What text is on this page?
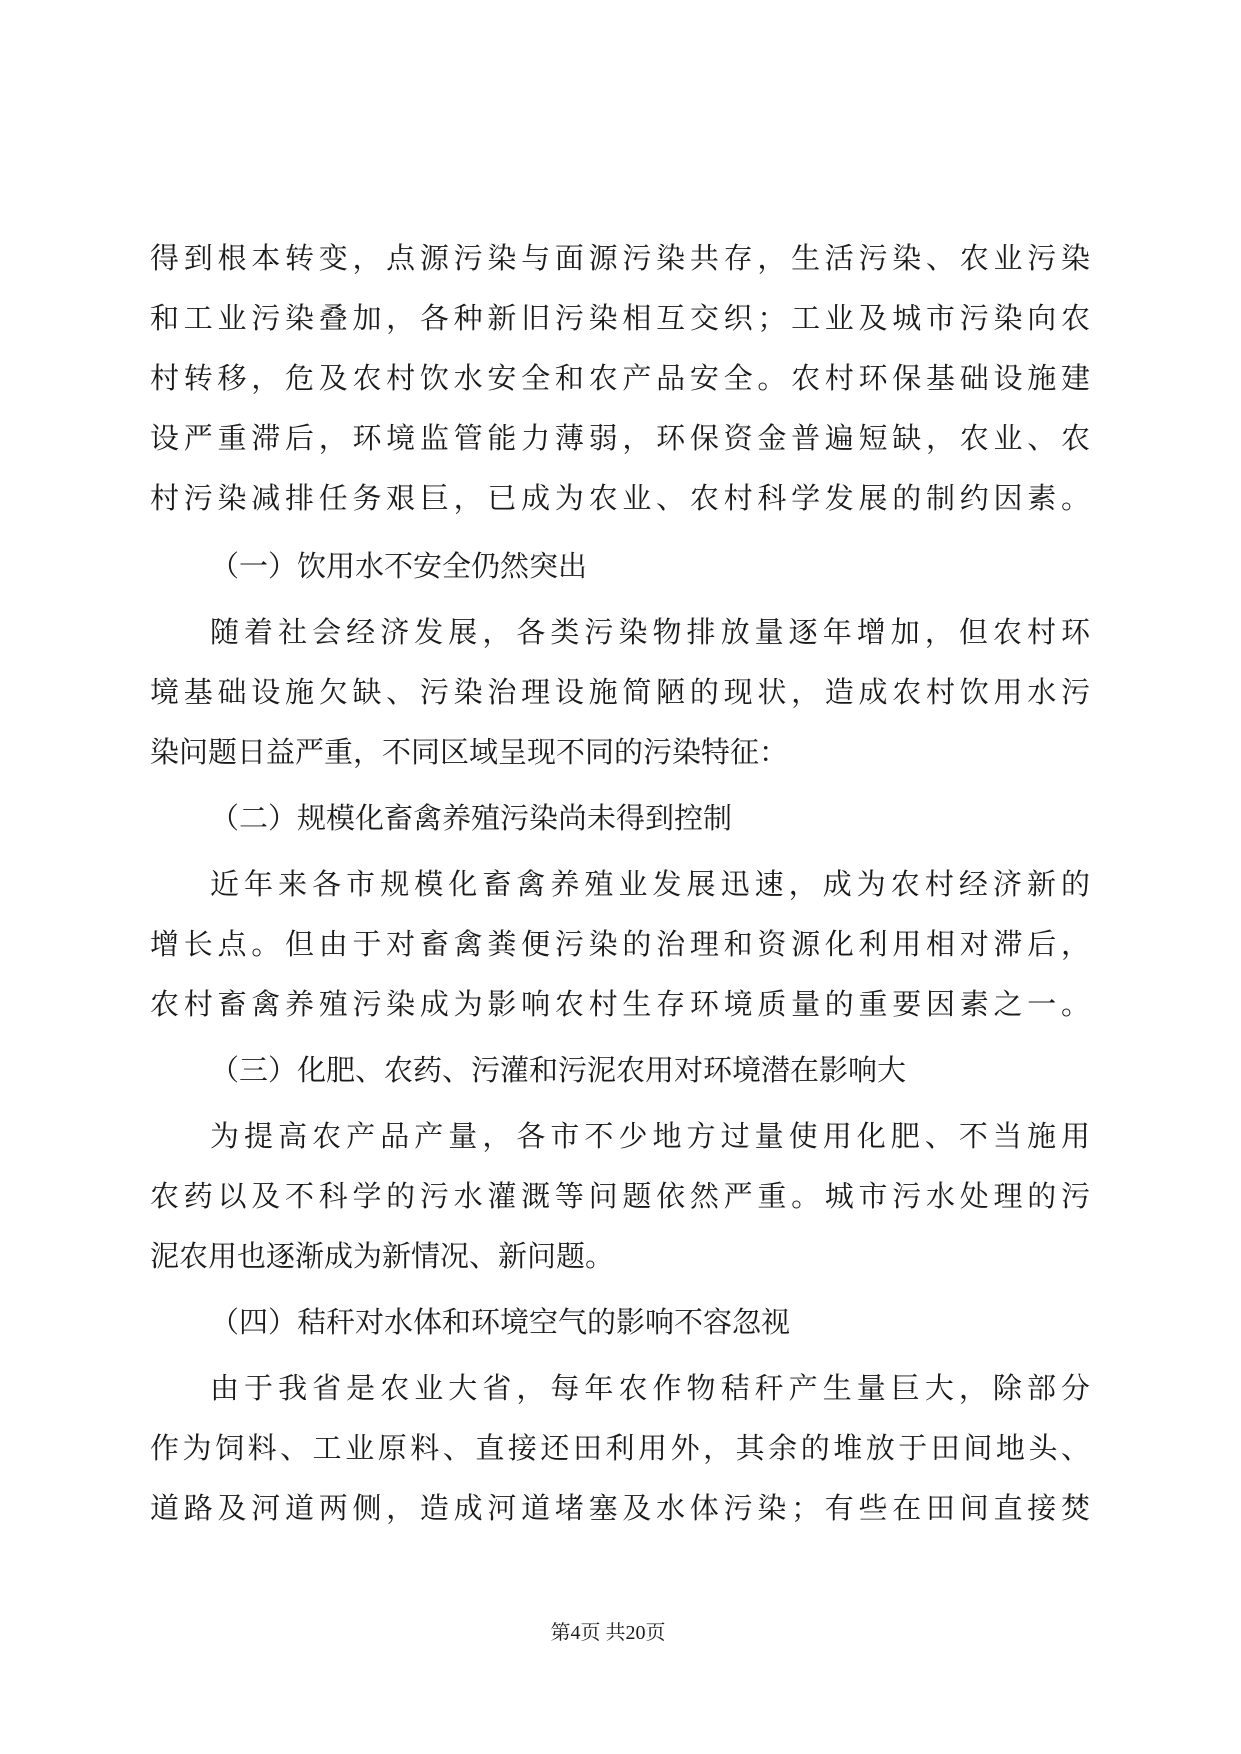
得到根本转变，点源污染与面源污染共存，生活污染、农业污染
和工业污染叠加，各种新旧污染相互交织；工业及城市污染向农
村转移，危及农村饮水安全和农产品安全。农村环保基础设施建
设严重滞后，环境监管能力薄弱，环保资金普遍短缺，农业、农
村污染减排任务艰巨，已成为农业、农村科学发展的制约因素。
（一）饮用水不安全仍然突出
随着社会经济发展，各类污染物排放量逐年增加，但农村环
境基础设施欠缺、污染治理设施简陋的现状，造成农村饮用水污
染问题日益严重，不同区域呈现不同的污染特征：
（二）规模化畜禽养殖污染尚未得到控制
近年来各市规模化畜禽养殖业发展迅速，成为农村经济新的
增长点。但由于对畜禽粪便污染的治理和资源化利用相对滞后，
农村畜禽养殖污染成为影响农村生存环境质量的重要因素之一。
（三）化肥、农药、污灌和污泥农用对环境潜在影响大
为提高农产品产量，各市不少地方过量使用化肥、不当施用
农药以及不科学的污水灌溉等问题依然严重。城市污水处理的污
泥农用也逐渐成为新情况、新问题。
（四）秸秆对水体和环境空气的影响不容忽视
由于我省是农业大省，每年农作物秸秆产生量巨大，除部分
作为饲料、工业原料、直接还田利用外，其余的堆放于田间地头、
道路及河道两侧，造成河道堵塞及水体污染；有些在田间直接焚
第4页 共20页
